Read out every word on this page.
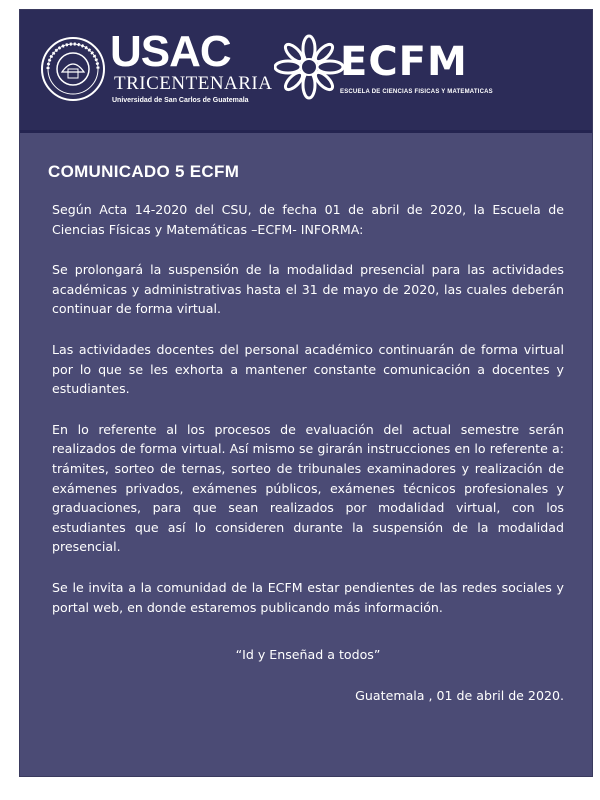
USAC
TRICENTENARIA
Universidad de San Carlos de Guatemala
ECFM
ESCUELA DE CIENCIAS FISICAS Y MATEMATICAS
COMUNICADO 5 ECFM

Según Acta 14-2020 del CSU, de fecha 01 de abril de 2020, la Escuela de Ciencias Físicas y Matemáticas –ECFM- INFORMA:

Se prolongará la suspensión de la modalidad presencial para las actividades académicas y administrativas hasta el 31 de mayo de 2020, las cuales deberán continuar de forma virtual.

Las actividades docentes del personal académico continuarán de forma virtual por lo que se les exhorta a mantener constante comunicación a docentes y estudiantes.

En lo referente al los procesos de evaluación del actual semestre serán realizados de forma virtual. Así mismo se girarán instrucciones en lo referente a: trámites, sorteo de ternas, sorteo de tribunales examinadores y realización de exámenes privados, exámenes públicos, exámenes técnicos profesionales y graduaciones, para que sean realizados por modalidad virtual, con los estudiantes que así lo consideren durante la suspensión de la modalidad presencial.

Se le invita a la comunidad de la ECFM estar pendientes de las redes sociales y portal web, en donde estaremos publicando más información.

“Id y Enseñad a todos”

Guatemala , 01 de abril de 2020.
